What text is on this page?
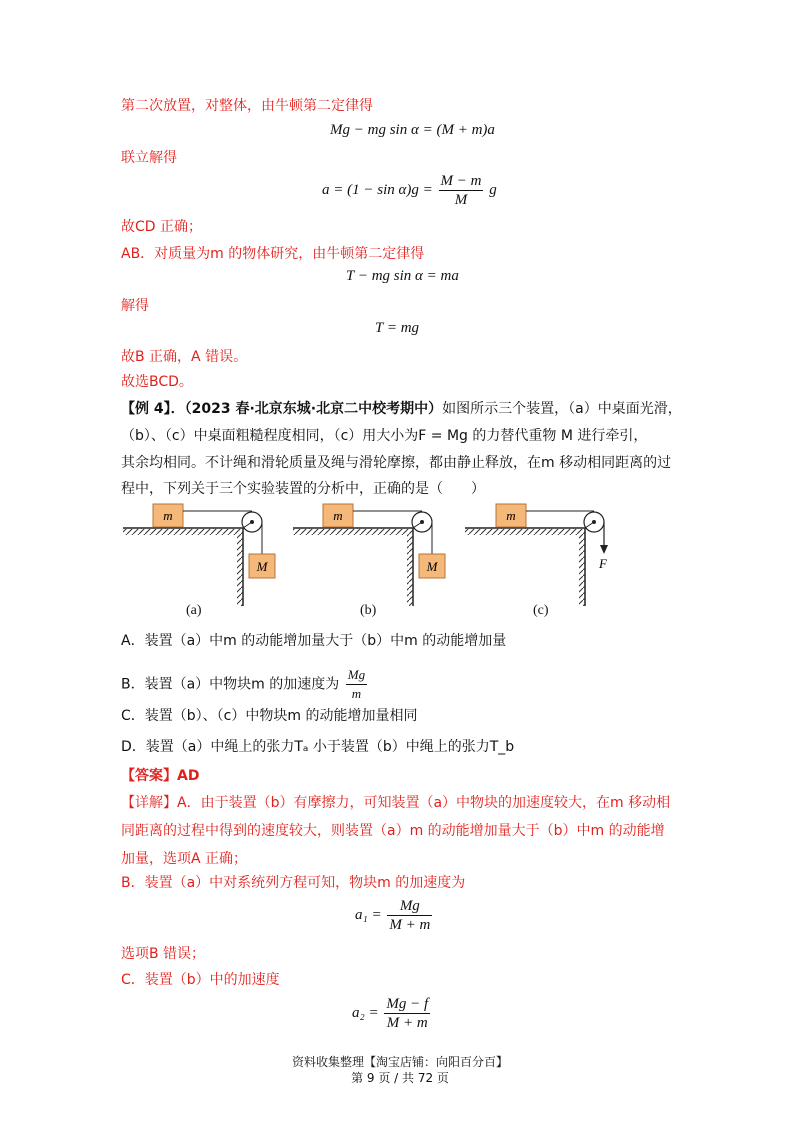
第二次放置，对整体，由牛顿第二定律得
Mg − mg sin α = (M + m)a
联立解得
$a = (1 - \sin \alpha)g = \frac{M - m}{M}$ g
故CD 正确；
AB．对质量为m 的物体研究，由牛顿第二定律得
T − mg sin α = ma
解得
T = mg
故B 正确，A 错误。
故选BCD。
【例 4】．（2023 春·北京东城·北京二中校考期中）如图所示三个装置，（a）中桌面光滑，
（b）、（c）中桌面粗糙程度相同，（c）用大小为F = Mg 的力替代重物 M 进行牵引，
其余均相同。不计绳和滑轮质量及绳与滑轮摩擦，都由静止释放，在m 移动相同距离的过
程中，下列关于三个实验装置的分析中，正确的是（　　）
m
M
m
M
m
F
(a)	(b)	(c)
A．装置（a）中m 的动能增加量大于（b）中m 的动能增加量
B．装置（a）中物块m 的加速度为 $\frac{Mg}{m}$
C．装置（b）、（c）中物块m 的动能增加量相同
D．装置（a）中绳上的张力Tₐ 小于装置（b）中绳上的张力T_b
【答案】AD
【详解】A．由于装置（b）有摩擦力，可知装置（a）中物块的加速度较大，在m 移动相
同距离的过程中得到的速度较大，则装置（a）m 的动能增加量大于（b）中m 的动能增
加量，选项A 正确；
B．装置（a）中对系统列方程可知，物块m 的加速度为
$a_1 = \frac{Mg}{M + m}$
选项B 错误；
C．装置（b）中的加速度
$a_2 = \frac{Mg - f}{M + m}$
资料收集整理【淘宝店铺：向阳百分百】
第 9 页 / 共 72 页
